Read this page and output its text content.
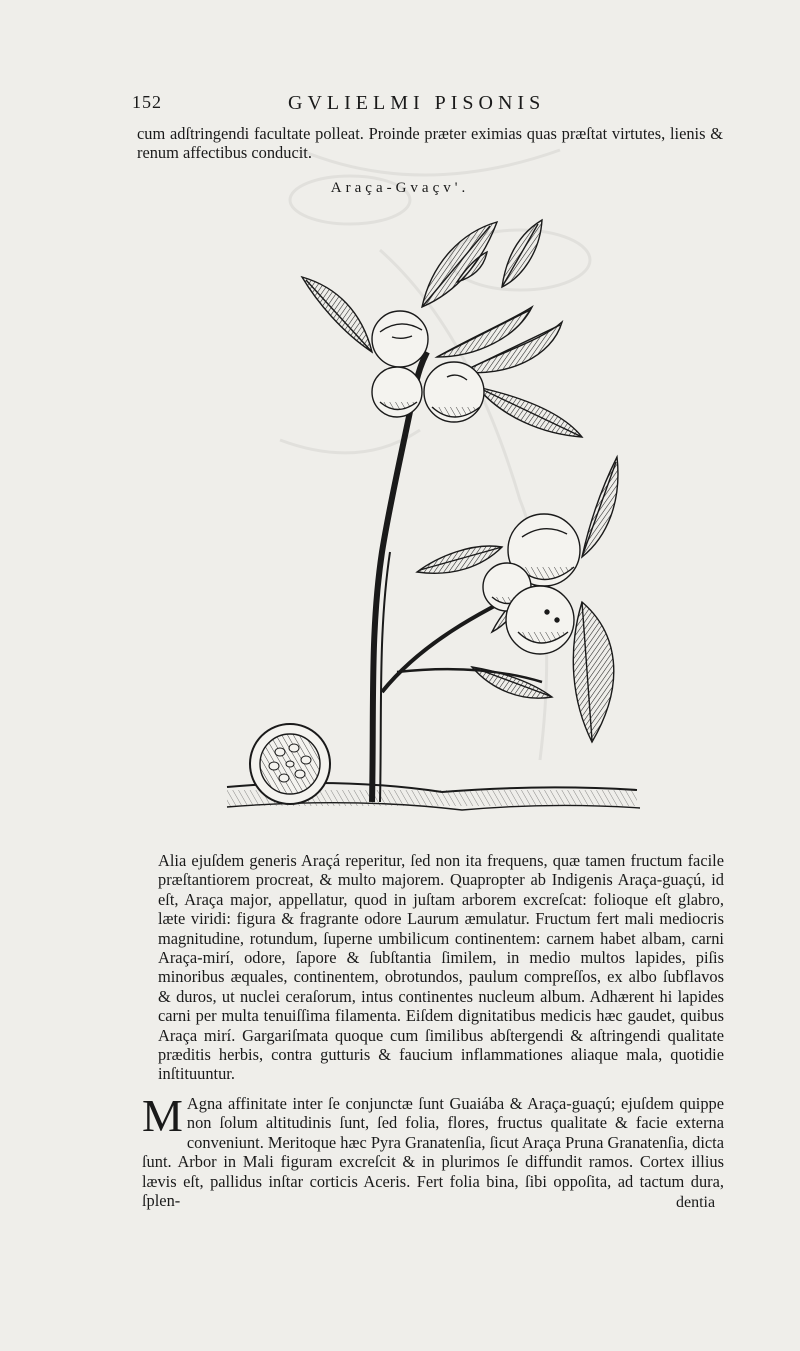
152	GVLIELMI PISONIS

cum adſtringendi facultate polleat. Proinde præter eximias quas præſtat virtutes, lienis & renum affectibus conducit.

Araça-Gvaçv'.

Alia ejuſdem generis Araçá reperitur, ſed non ita frequens, quæ tamen fructum facile præſtantiorem procreat, & multo majorem. Quapropter ab Indigenis Araça-guaçú, id eſt, Araça major, appellatur, quod in juſtam arborem excreſcat: folioque eſt glabro, læte viridi: figura & fragrante odore Laurum æmulatur. Fructum fert mali mediocris magnitudine, rotundum, ſuperne umbilicum continentem: carnem habet albam, carni Araça-mirí, odore, ſapore & ſubſtantia ſimilem, in medio multos lapides, piſis minoribus æquales, continentem, obrotundos, paulum compreſſos, ex albo ſubflavos & duros, ut nuclei ceraſorum, intus continentes nucleum album. Adhærent hi lapides carni per multa tenuiſſima filamenta. Eiſdem dignitatibus medicis hæc gaudet, quibus Araça mirí. Gargariſmata quoque cum ſimilibus abſtergendi & aſtringendi qualitate præditis herbis, contra gutturis & faucium inflammationes aliaque mala, quotidie inſtituuntur.

M Agna affinitate inter ſe conjunctæ ſunt Guaiába & Araça-guaçú; ejuſdem quippe non ſolum altitudinis ſunt, ſed folia, flores, fructus qualitate & facie externa conveniunt. Meritoque hæc Pyra Granatenſia, ſicut Araça Pruna Granatenſia, dicta ſunt. Arbor in Mali figuram excreſcit & in plurimos ſe diffundit ramos. Cortex illius lævis eſt, pallidus inſtar corticis Aceris. Fert folia bina, ſibi oppoſita, ad tactum dura, ſplen-	dentia
